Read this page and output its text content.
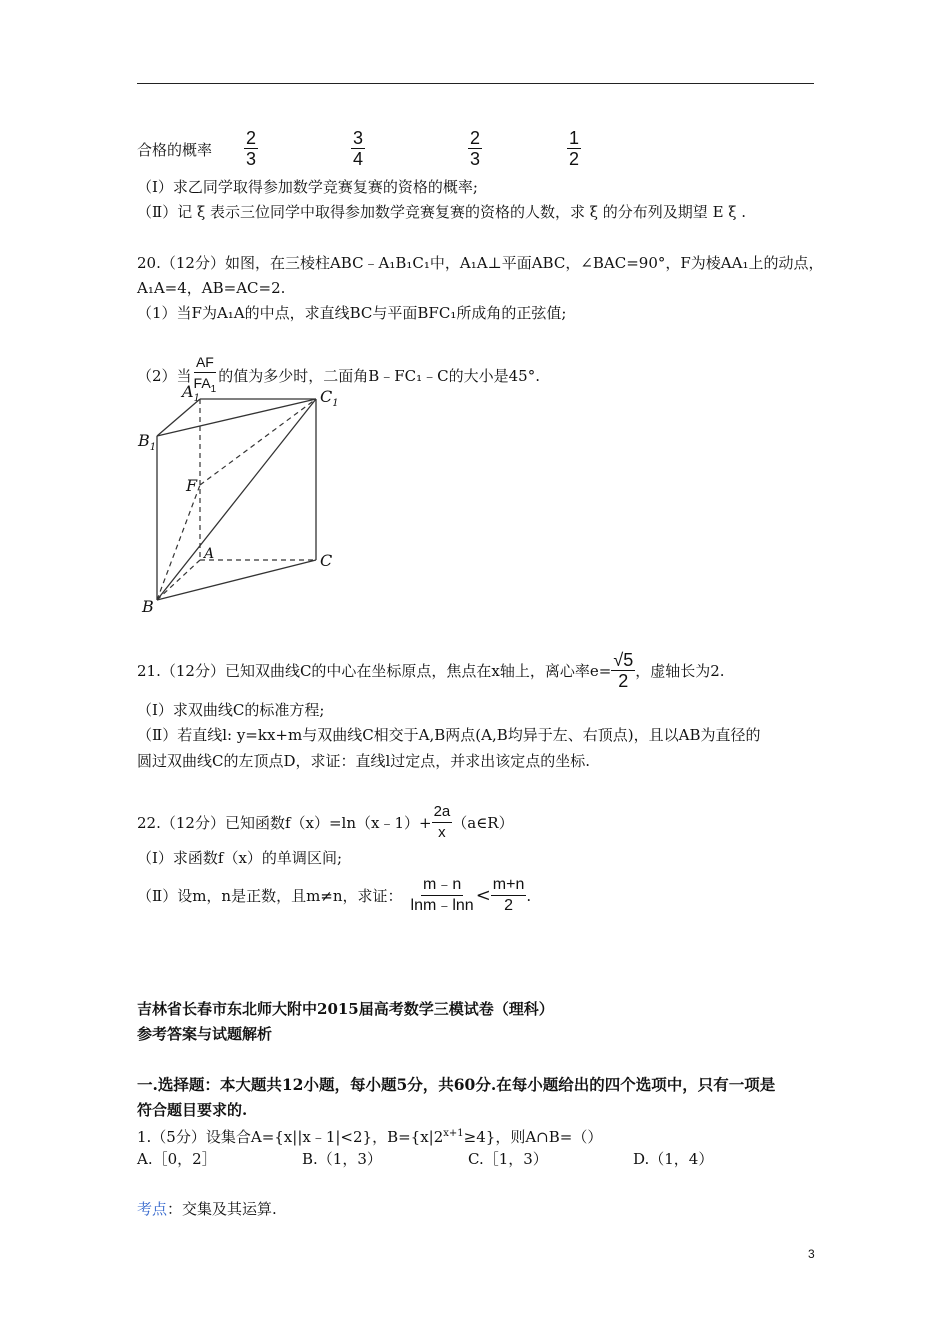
合格的概率 $\frac{2}{3}$	$\frac{3}{4}$	$\frac{2}{3}$	$\frac{1}{2}$
（Ⅰ）求乙同学取得参加数学竞赛复赛的资格的概率;
（Ⅱ）记 ξ 表示三位同学中取得参加数学竞赛复赛的资格的人数，求 ξ 的分布列及期望 E ξ .
20.（12分）如图，在三棱柱ABC﹣A₁B₁C₁中，A₁A⊥平面ABC，∠BAC=90°，F为棱AA₁上的动点，
A₁A=4，AB=AC=2.
（1）当F为A₁A的中点，求直线BC与平面BFC₁所成角的正弦值;
（2）当 $\frac{AF}{FA_1}$ 的值为多少时，二面角B﹣FC₁﹣C的大小是45°.
$A_1$	$C_1$
$B_1$
F
A	C
B
21.（12分）已知双曲线C的中心在坐标原点，焦点在x轴上，离心率$e= \frac{√5}{2}$ ，虚轴长为2.
（Ⅰ）求双曲线C的标准方程;
（Ⅱ）若直线l: y=kx+m与双曲线C相交于A,B两点(A,B均异于左、右顶点)，且以AB为直径的
圆过双曲线C的左顶点D，求证：直线l过定点，并求出该定点的坐标.
22.（12分）已知函数f（x）=ln（x﹣1）+ $\frac{2a}{x}$ （a∈R）
（Ⅰ）求函数f（x）的单调区间;
（Ⅱ）设m，n是正数，且m≠n，求证： $\frac{m﹣n}{\ln m﹣\ln n} < \frac{m+n}{2}$ .
吉林省长春市东北师大附中2015届高考数学三模试卷（理科）
参考答案与试题解析
一.选择题：本大题共12小题，每小题5分，共60分.在每小题给出的四个选项中，只有一项是
符合题目要求的.
1.（5分）设集合A={x||x﹣1|<2}，$B=\{x|2^{x+1}\ge 4\}$，则A∩B=（）
A.［0，2］	B.（1，3）	C.［1，3）	D.（1，4）
考点：交集及其运算.
3
